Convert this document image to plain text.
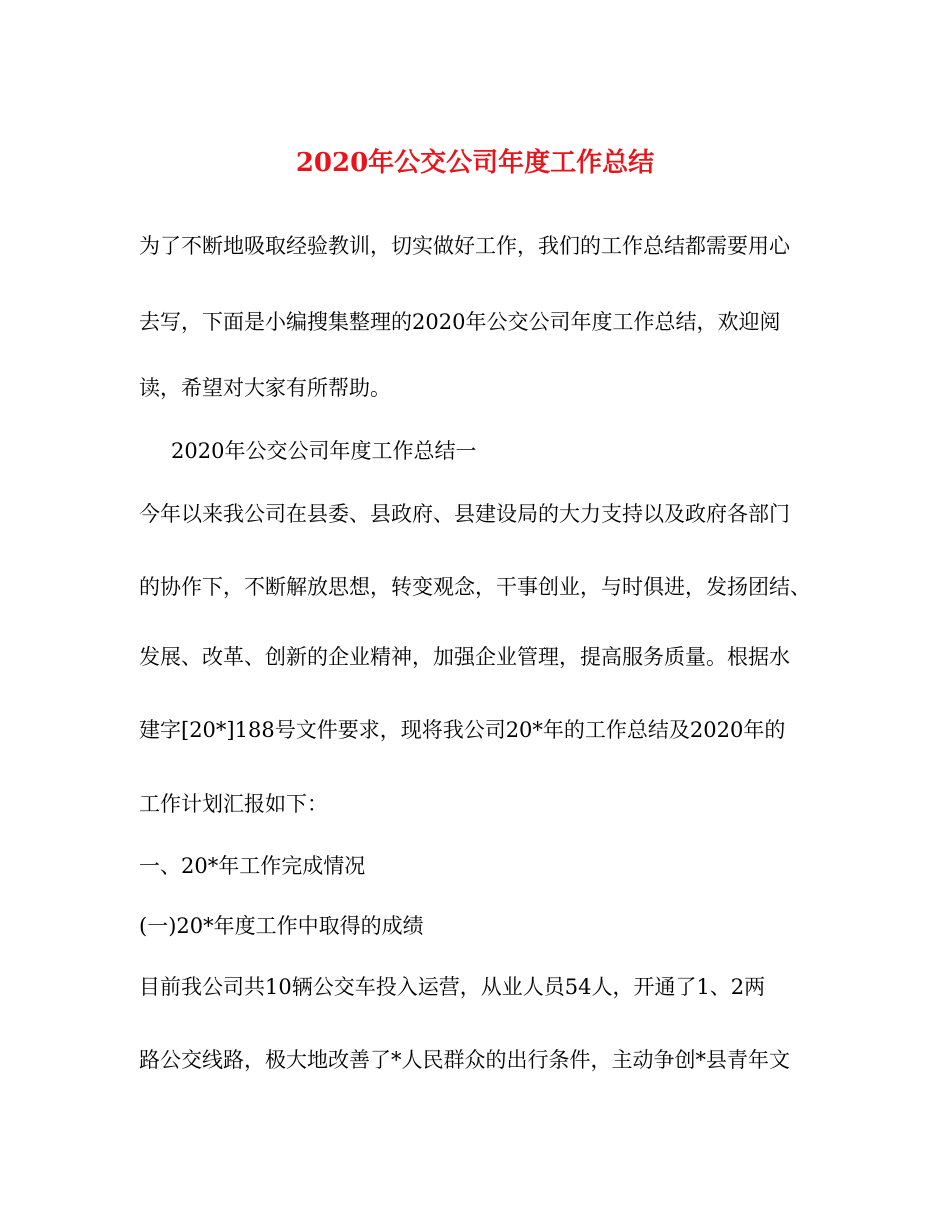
2020年公交公司年度工作总结
为了不断地吸取经验教训，切实做好工作，我们的工作总结都需要用心
去写，下面是小编搜集整理的2020年公交公司年度工作总结，欢迎阅
读，希望对大家有所帮助。
2020年公交公司年度工作总结一
今年以来我公司在县委、县政府、县建设局的大力支持以及政府各部门
的协作下，不断解放思想，转变观念，干事创业，与时俱进，发扬团结、
发展、改革、创新的企业精神，加强企业管理，提高服务质量。根据水
建字[20*]188号文件要求，现将我公司20*年的工作总结及2020年的
工作计划汇报如下：
一、20*年工作完成情况
(一)20*年度工作中取得的成绩
目前我公司共10辆公交车投入运营，从业人员54人，开通了1、2两
路公交线路，极大地改善了*人民群众的出行条件，主动争创*县青年文
